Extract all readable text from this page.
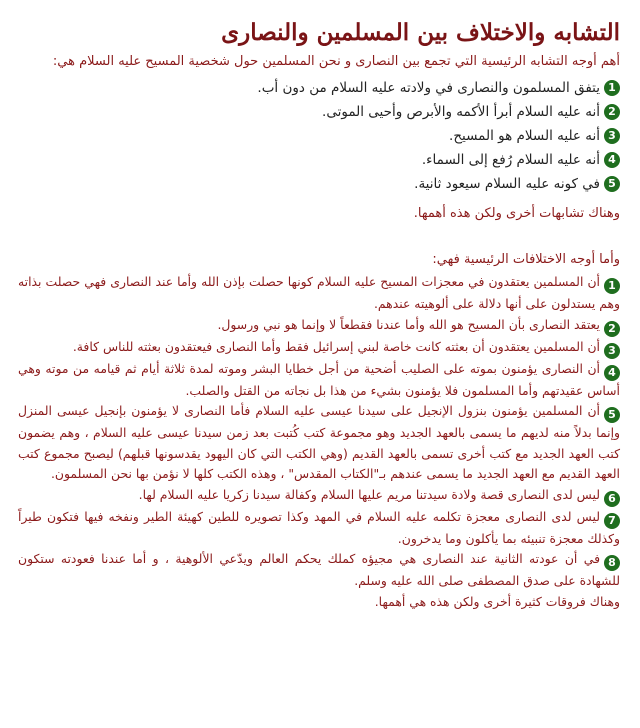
التشابه والاختلاف بين المسلمين والنصارى
أهم أوجه التشابه الرئيسية التي تجمع بين النصارى و نحن المسلمين حول شخصية المسيح عليه السلام هي:
1
يتفق المسلمون والنصارى في ولادته عليه السلام من دون أب.
2
أنه عليه السلام أبرأ الأكمه والأبرص وأحيى الموتى.
3
أنه عليه السلام هو المسيح.
4
أنه عليه السلام رُفع إلى السماء.
5
في كونه عليه السلام سيعود ثانية.
وهناك تشابهات أخرى ولكن هذه أهمها.
وأما أوجه الاختلافات الرئيسية فهي:
1أن المسلمين يعتقدون في معجزات المسيح عليه السلام كونها حصلت بإذن الله وأما عند النصارى فهي حصلت بذاته وهم يستدلون على أنها دلالة على ألوهيته عندهم.
2يعتقد النصارى بأن المسيح هو الله وأما عندنا فقطعاً لا وإنما هو نبي ورسول.
3أن المسلمين يعتقدون أن بعثته كانت خاصة لبني إسرائيل فقط وأما النصارى فيعتقدون بعثته للناس كافة.
4أن النصارى يؤمنون بموته على الصليب أضحية من أجل خطايا البشر وموته لمدة ثلاثة أيام ثم قيامه من موته وهي أساس عقيدتهم وأما المسلمون فلا يؤمنون بشيء من هذا بل نجاته من القتل والصلب.
5أن المسلمين يؤمنون بنزول الإنجيل على سيدنا عيسى عليه السلام فأما النصارى لا يؤمنون بإنجيل عيسى المنزل وإنما بدلاً منه لديهم ما يسمى بالعهد الجديد وهو مجموعة كتب كُتبت بعد زمن سيدنا عيسى عليه السلام ، وهم يضمون كتب العهد الجديد مع كتب أخرى تسمى بالعهد القديم (وهي الكتب التي كان اليهود يقدسونها قبلهم) ليصبح مجموع كتب العهد القديم مع العهد الجديد ما يسمى عندهم بـ"الكتاب المقدس" ، وهذه الكتب كلها لا نؤمن بها نحن المسلمون.
6ليس لدى النصارى قصة ولادة سيدتنا مريم عليها السلام وكفالة سيدنا زكريا عليه السلام لها.
7ليس لدى النصارى معجزة تكلمه عليه السلام في المهد وكذا تصويره للطين كهيئة الطير ونفخه فيها فتكون طيراً وكذلك معجزة تنبيئه بما يأكلون وما يدخرون.
8في أن عودته الثانية عند النصارى هي مجيؤه كملك يحكم العالم ويدّعي الألوهية ، و أما عندنا فعودته ستكون للشهادة على صدق المصطفى صلى الله عليه وسلم.
وهناك فروقات كثيرة أخرى ولكن هذه هي أهمها.
